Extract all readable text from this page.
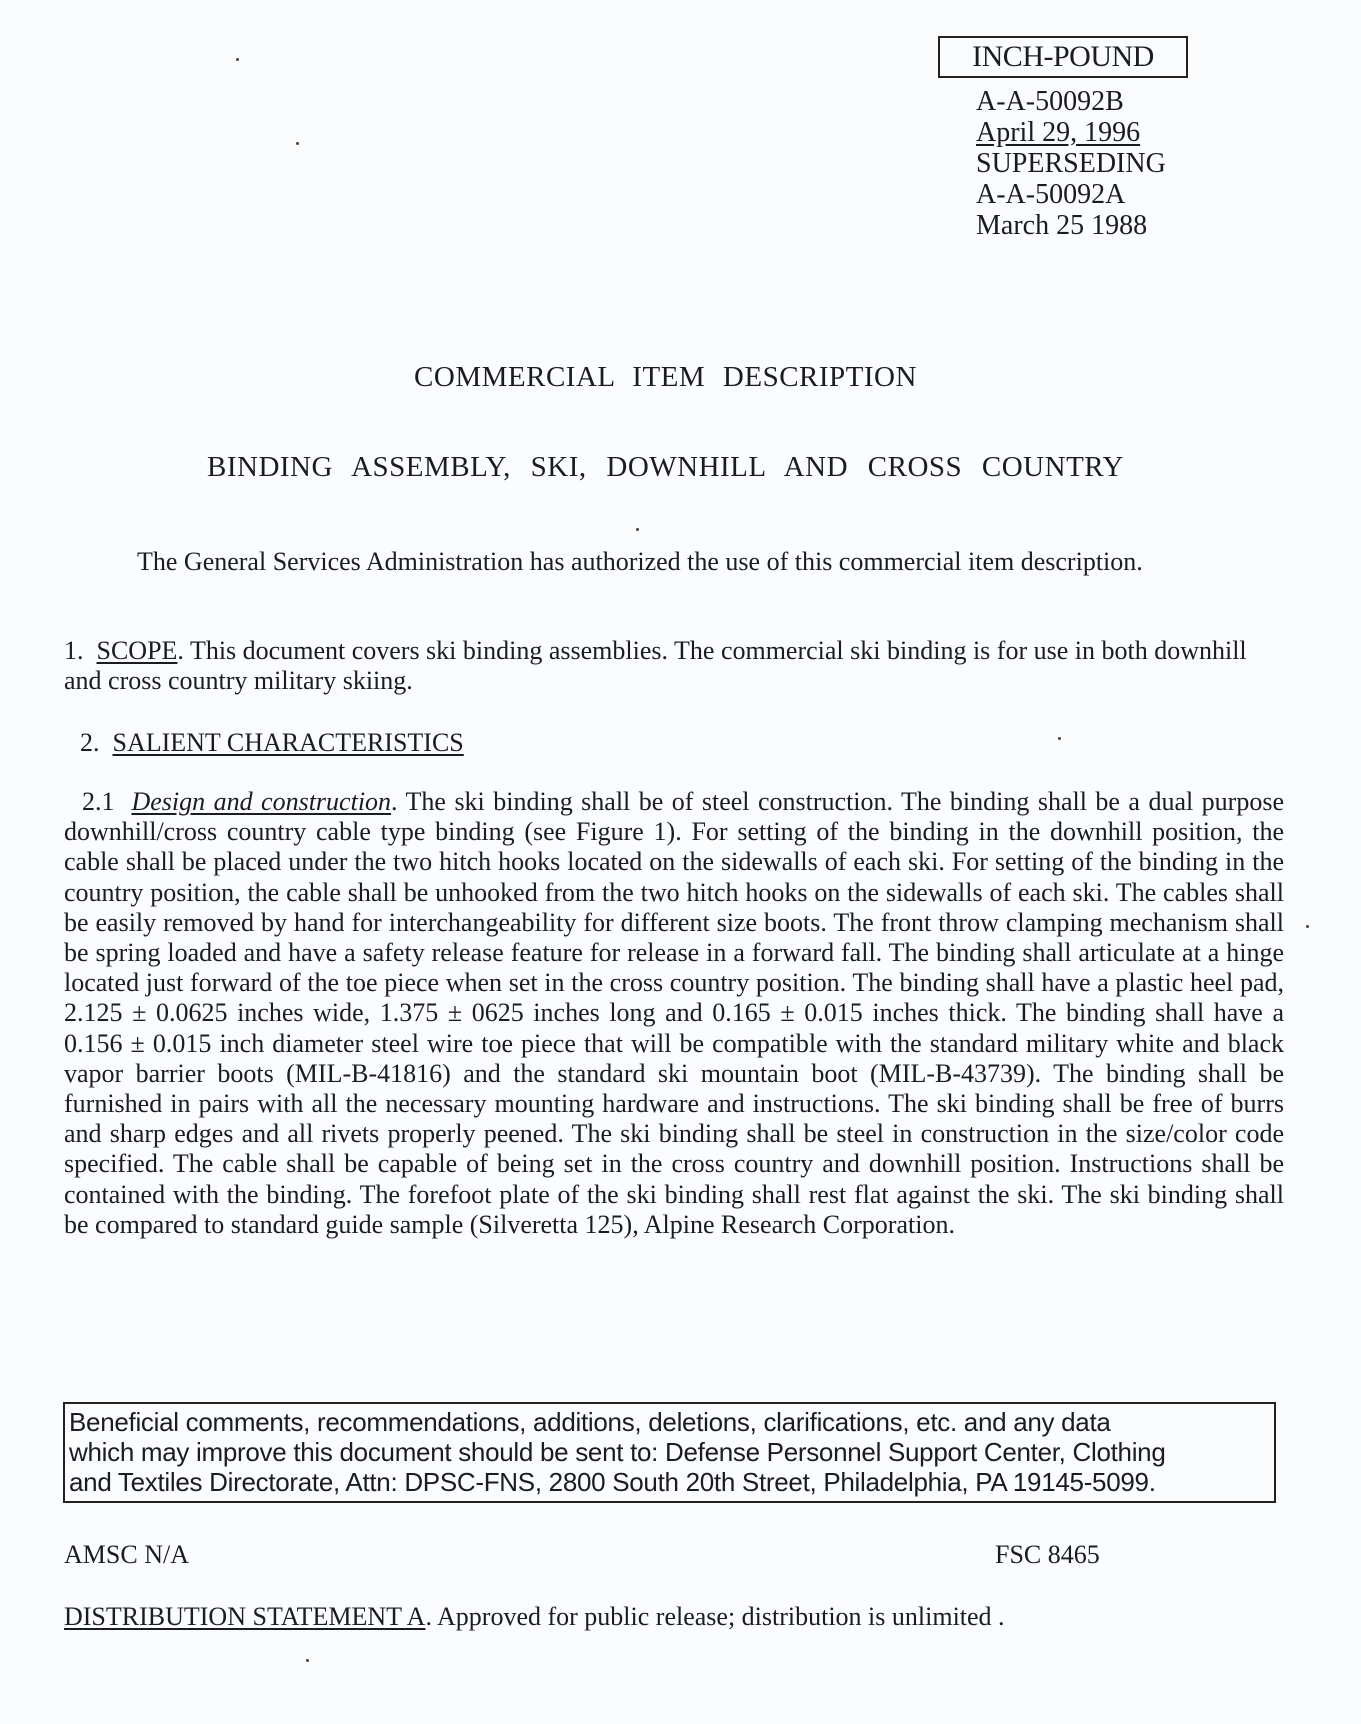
INCH-POUND
A-A-50092B
April 29, 1996
SUPERSEDING
A-A-50092A
March 25 1988
COMMERCIAL ITEM DESCRIPTION
BINDING ASSEMBLY, SKI, DOWNHILL AND CROSS COUNTRY
The General Services Administration has authorized the use of this commercial item description.
1. SCOPE. This document covers ski binding assemblies. The commercial ski binding is for use in both downhill and cross country military skiing.
2. SALIENT CHARACTERISTICS
2.1 Design and construction. The ski binding shall be of steel construction. The binding shall be a dual purpose downhill/cross country cable type binding (see Figure 1). For setting of the binding in the downhill position, the cable shall be placed under the two hitch hooks located on the sidewalls of each ski. For setting of the binding in the country position, the cable shall be unhooked from the two hitch hooks on the sidewalls of each ski. The cables shall be easily removed by hand for interchangeability for different size boots. The front throw clamping mechanism shall be spring loaded and have a safety release feature for release in a forward fall. The binding shall articulate at a hinge located just forward of the toe piece when set in the cross country position. The binding shall have a plastic heel pad, 2.125 ± 0.0625 inches wide, 1.375 ± 0625 inches long and 0.165 ± 0.015 inches thick. The binding shall have a 0.156 ± 0.015 inch diameter steel wire toe piece that will be compatible with the standard military white and black vapor barrier boots (MIL-B-41816) and the standard ski mountain boot (MIL-B-43739). The binding shall be furnished in pairs with all the necessary mounting hardware and instructions. The ski binding shall be free of burrs and sharp edges and all rivets properly peened. The ski binding shall be steel in construction in the size/color code specified. The cable shall be capable of being set in the cross country and downhill position. Instructions shall be contained with the binding. The forefoot plate of the ski binding shall rest flat against the ski. The ski binding shall be compared to standard guide sample (Silveretta 125), Alpine Research Corporation.
Beneficial comments, recommendations, additions, deletions, clarifications, etc. and any data
which may improve this document should be sent to: Defense Personnel Support Center, Clothing
and Textiles Directorate, Attn: DPSC-FNS, 2800 South 20th Street, Philadelphia, PA 19145-5099.
AMSC N/A	FSC 8465
DISTRIBUTION STATEMENT A. Approved for public release; distribution is unlimited .
